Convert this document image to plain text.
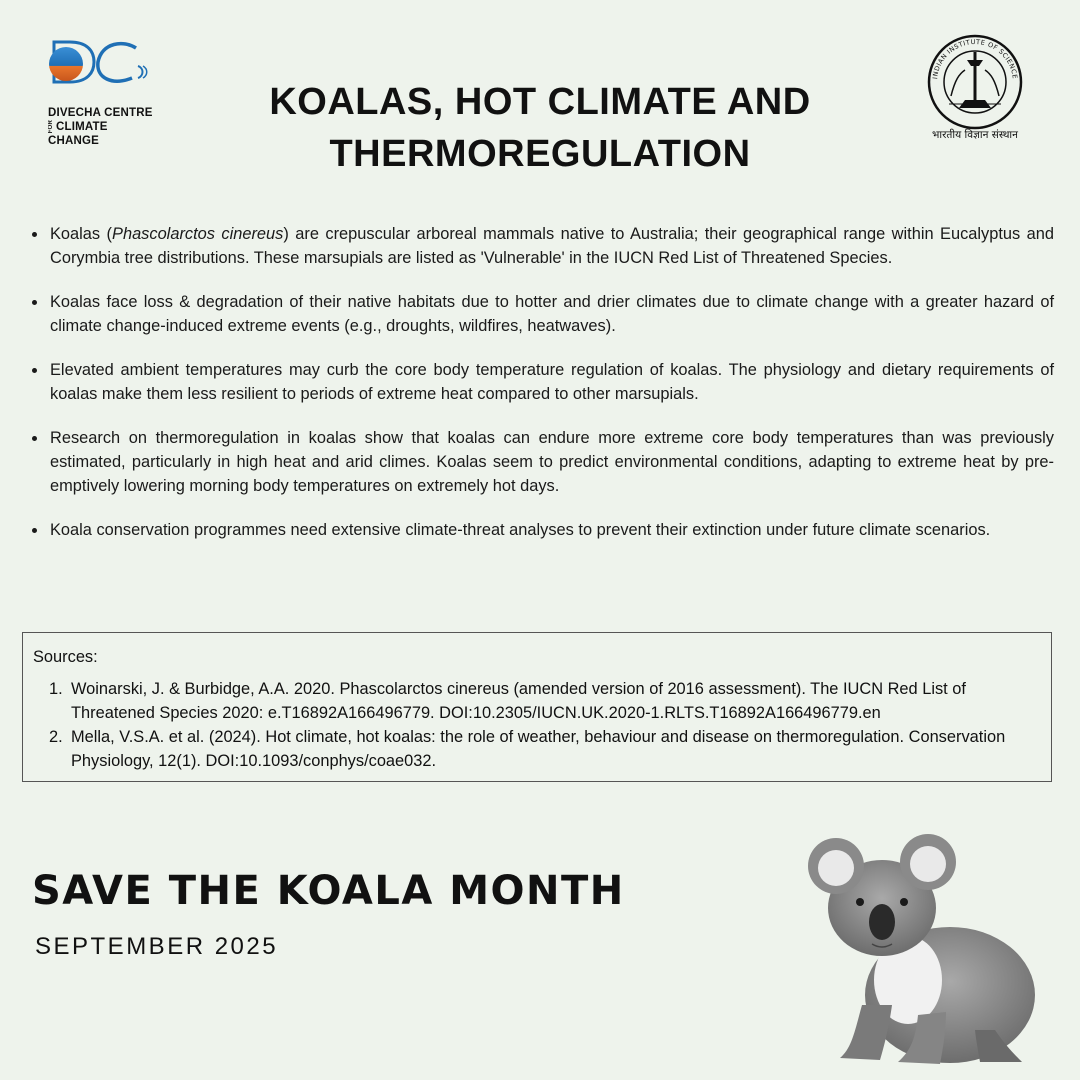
DIVECHA CENTRE
FOR CLIMATE CHANGE
INDIAN INSTITUTE OF SCIENCE
भारतीय विज्ञान संस्थान
KOALAS, HOT CLIMATE AND THERMOREGULATION
Koalas (Phascolarctos cinereus) are crepuscular arboreal mammals native to Australia; their geographical range within Eucalyptus and Corymbia tree distributions. These marsupials are listed as 'Vulnerable' in the IUCN Red List of Threatened Species.
Koalas face loss & degradation of their native habitats due to hotter and drier climates due to climate change with a greater hazard of climate change-induced extreme events (e.g., droughts, wildfires, heatwaves).
Elevated ambient temperatures may curb the core body temperature regulation of koalas. The physiology and dietary requirements of koalas make them less resilient to periods of extreme heat compared to other marsupials.
Research on thermoregulation in koalas show that koalas can endure more extreme core body temperatures than was previously estimated, particularly in high heat and arid climes. Koalas seem to predict environmental conditions, adapting to extreme heat by pre-emptively lowering morning body temperatures on extremely hot days.
Koala conservation programmes need extensive climate-threat analyses to prevent their extinction under future climate scenarios.
Sources:
1. Woinarski, J. & Burbidge, A.A. 2020. Phascolarctos cinereus (amended version of 2016 assessment). The IUCN Red List of Threatened Species 2020: e.T16892A166496779. DOI:10.2305/IUCN.UK.2020-1.RLTS.T16892A166496779.en
2. Mella, V.S.A. et al. (2024). Hot climate, hot koalas: the role of weather, behaviour and disease on thermoregulation. Conservation Physiology, 12(1). DOI:10.1093/conphys/coae032.
SAVE THE KOALA MONTH
SEPTEMBER 2025
